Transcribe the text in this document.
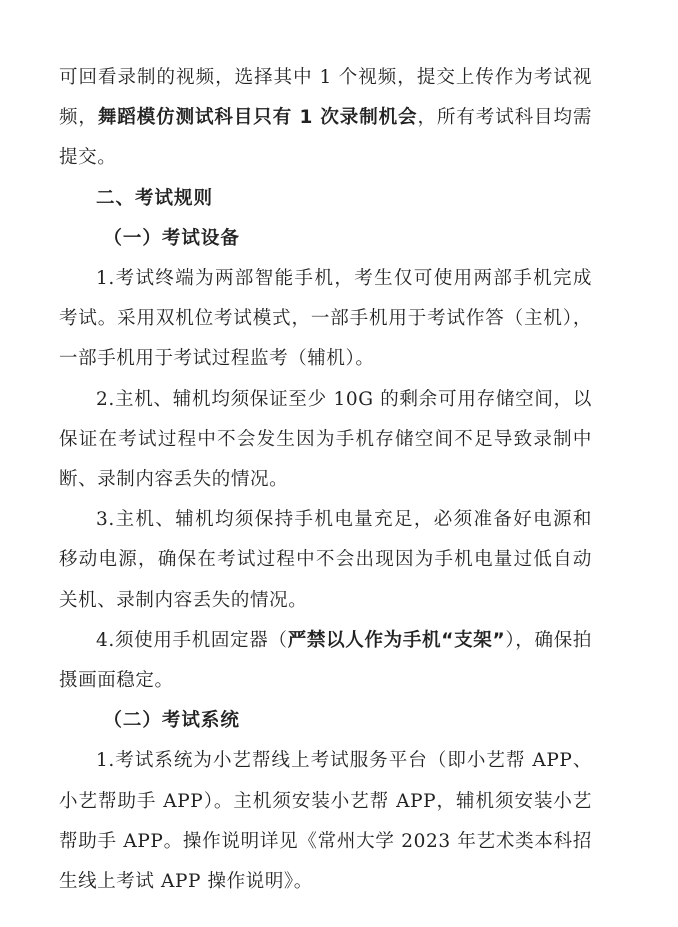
可回看录制的视频，选择其中 1 个视频，提交上传作为考试视频，舞蹈模仿测试科目只有 1 次录制机会，所有考试科目均需提交。

二、考试规则

（一）考试设备

1.考试终端为两部智能手机，考生仅可使用两部手机完成考试。采用双机位考试模式，一部手机用于考试作答（主机），一部手机用于考试过程监考（辅机）。

2.主机、辅机均须保证至少 10G 的剩余可用存储空间，以保证在考试过程中不会发生因为手机存储空间不足导致录制中断、录制内容丢失的情况。

3.主机、辅机均须保持手机电量充足，必须准备好电源和移动电源，确保在考试过程中不会出现因为手机电量过低自动关机、录制内容丢失的情况。

4.须使用手机固定器（严禁以人作为手机“支架”），确保拍摄画面稳定。

（二）考试系统

1.考试系统为小艺帮线上考试服务平台（即小艺帮 APP、小艺帮助手 APP）。主机须安装小艺帮 APP，辅机须安装小艺帮助手 APP。操作说明详见《常州大学 2023 年艺术类本科招生线上考试 APP 操作说明》。
